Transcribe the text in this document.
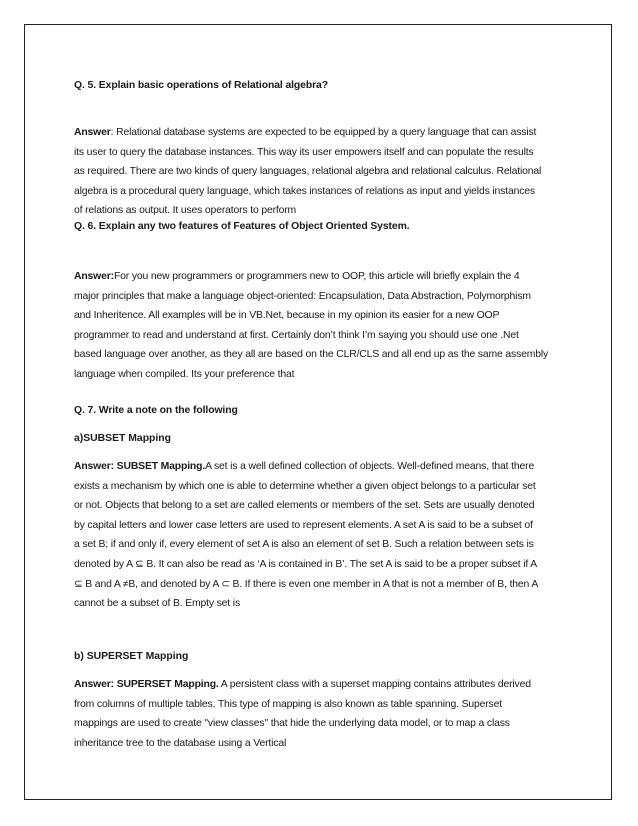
Q. 5. Explain basic operations of Relational algebra?
Answer: Relational database systems are expected to be equipped by a query language that can assist
its user to query the database instances. This way its user empowers itself and can populate the results
as required. There are two kinds of query languages, relational algebra and relational calculus. Relational
algebra is a procedural query language, which takes instances of relations as input and yields instances
of relations as output. It uses operators to perform
Q. 6. Explain any two features of Features of Object Oriented System.
Answer:For you new programmers or programmers new to OOP, this article will briefly explain the 4
major principles that make a language object-oriented: Encapsulation, Data Abstraction, Polymorphism
and Inheritence. All examples will be in VB.Net, because in my opinion its easier for a new OOP
programmer to read and understand at first. Certainly don’t think I’m saying you should use one .Net
based language over another, as they all are based on the CLR/CLS and all end up as the same assembly
language when compiled. Its your preference that
Q. 7. Write a note on the following
a)SUBSET Mapping
Answer: SUBSET Mapping.A set is a well defined collection of objects. Well-defined means, that there
exists a mechanism by which one is able to determine whether a given object belongs to a particular set
or not. Objects that belong to a set are called elements or members of the set. Sets are usually denoted
by capital letters and lower case letters are used to represent elements. A set A is said to be a subset of
a set B; if and only if, every element of set A is also an element of set B. Such a relation between sets is
denoted by A ⊆ B. It can also be read as ‘A is contained in B’. The set A is said to be a proper subset if A
⊆ B and A ≠B, and denoted by A ⊂ B. If there is even one member in A that is not a member of B, then A
cannot be a subset of B. Empty set is
b) SUPERSET Mapping
Answer: SUPERSET Mapping. A persistent class with a superset mapping contains attributes derived
from columns of multiple tables. This type of mapping is also known as table spanning. Superset
mappings are used to create "view classes" that hide the underlying data model, or to map a class
inheritance tree to the database using a Vertical
